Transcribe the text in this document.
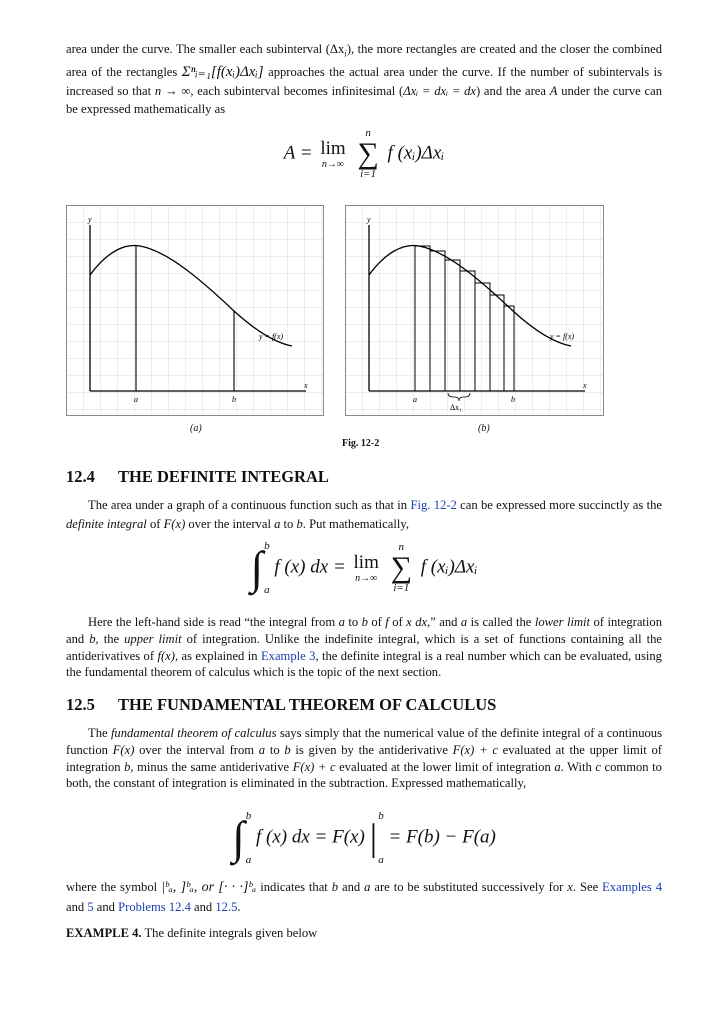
area under the curve. The smaller each subinterval $(\Delta x_i)$, the more rectangles are created and the closer the combined area of the rectangles Σⁿᵢ₌₁[f(xᵢ)Δxᵢ] approaches the actual area under the curve. If the number of subintervals is increased so that n → ∞, each subinterval becomes infinitesimal (Δxᵢ = dxᵢ = dx) and the area A under the curve can be expressed mathematically as

A = lim
n→∞

n
∑
i=1
f (xᵢ)Δxᵢ
y
x
y = f(x)
a	b
y
x
y = f(x)
a	b
Δx₁
(a)	(b)
Fig. 12-2
12.4 THE DEFINITE INTEGRAL

The area under a graph of a continuous function such as that in Fig. 12-2 can be expressed more succinctly as the definite integral of F(x) over the interval a to b. Put mathematically,

∫ b
a
f (x) dx = lim
n→∞

n
∑
i=1
f (xᵢ)Δxᵢ

Here the left-hand side is read “the integral from a to b of f of x dx,” and a is called the lower limit of integration and b, the upper limit of integration. Unlike the indefinite integral, which is a set of functions containing all the antiderivatives of f(x), as explained in Example 3, the definite integral is a real number which can be evaluated, using the fundamental theorem of calculus which is the topic of the next section.

12.5 THE FUNDAMENTAL THEOREM OF CALCULUS

The fundamental theorem of calculus says simply that the numerical value of the definite integral of a continuous function F(x) over the interval from a to b is given by the antiderivative F(x) + c evaluated at the upper limit of integration b, minus the same antiderivative F(x) + c evaluated at the lower limit of integration a. With c common to both, the constant of integration is eliminated in the subtraction. Expressed mathematically,

∫ b
a
f (x) dx = F(x) |
b
a
= F(b) − F(a)

where the symbol |ᵇₐ, ]ᵇₐ, or [· · ·]ᵇₐ indicates that b and a are to be substituted successively for x. See Examples 4 and 5 and Problems 12.4 and 12.5.

EXAMPLE 4. The definite integrals given below
